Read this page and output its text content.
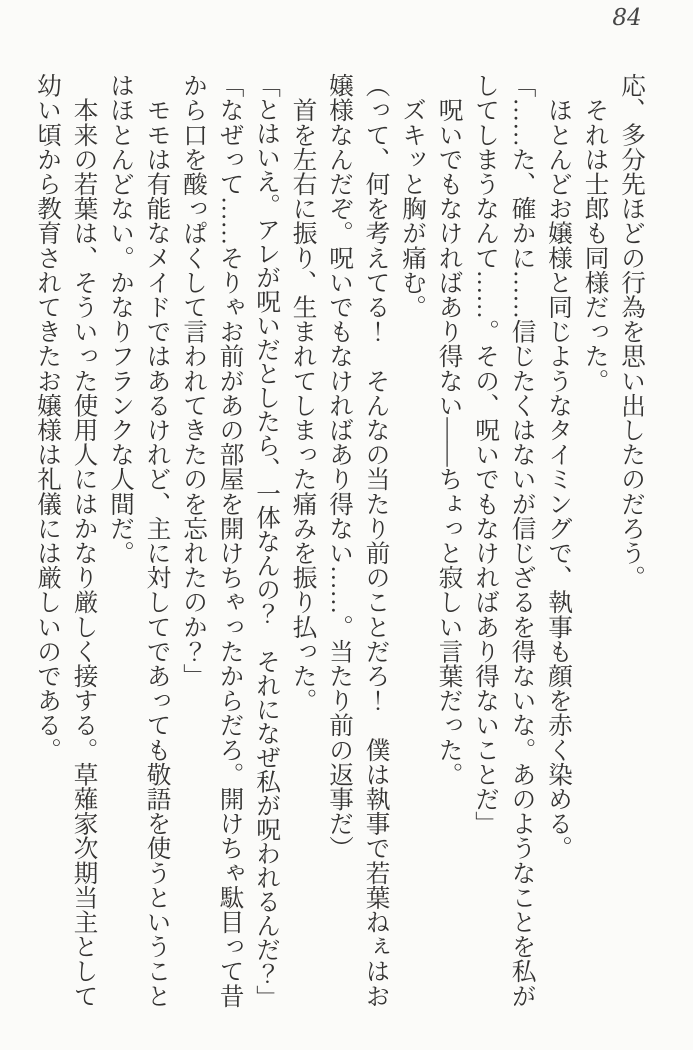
84
応、多分先ほどの行為を思い出したのだろう。
　それは士郎も同様だった。
　ほとんどお嬢様と同じようなタイミングで、執事も顔を赤く染める。
「……た、確かに……信じたくはないが信じざるを得ないな。あのようなことを私が
してしまうなんて……。その、呪いでもなければあり得ないことだ」
　呪いでもなければあり得ない――ちょっと寂しい言葉だった。
　ズキッと胸が痛む。
（って、何を考えてる！　そんなの当たり前のことだろ！　僕は執事で若葉ねぇはお
嬢様なんだぞ。呪いでもなければあり得ない……。当たり前の返事だ）
　首を左右に振り、生まれてしまった痛みを振り払った。
「とはいえ。アレが呪いだとしたら、一体なんの？　それになぜ私が呪われるんだ？」
「なぜって……そりゃお前があの部屋を開けちゃったからだろ。開けちゃ駄目って昔
から口を酸っぱくして言われてきたのを忘れたのか？」
　モモは有能なメイドではあるけれど、主に対してであっても敬語を使うということ
はほとんどない。かなりフランクな人間だ。
　本来の若葉は、そういった使用人にはかなり厳しく接する。草薙家次期当主として
幼い頃から教育されてきたお嬢様は礼儀には厳しいのである。
